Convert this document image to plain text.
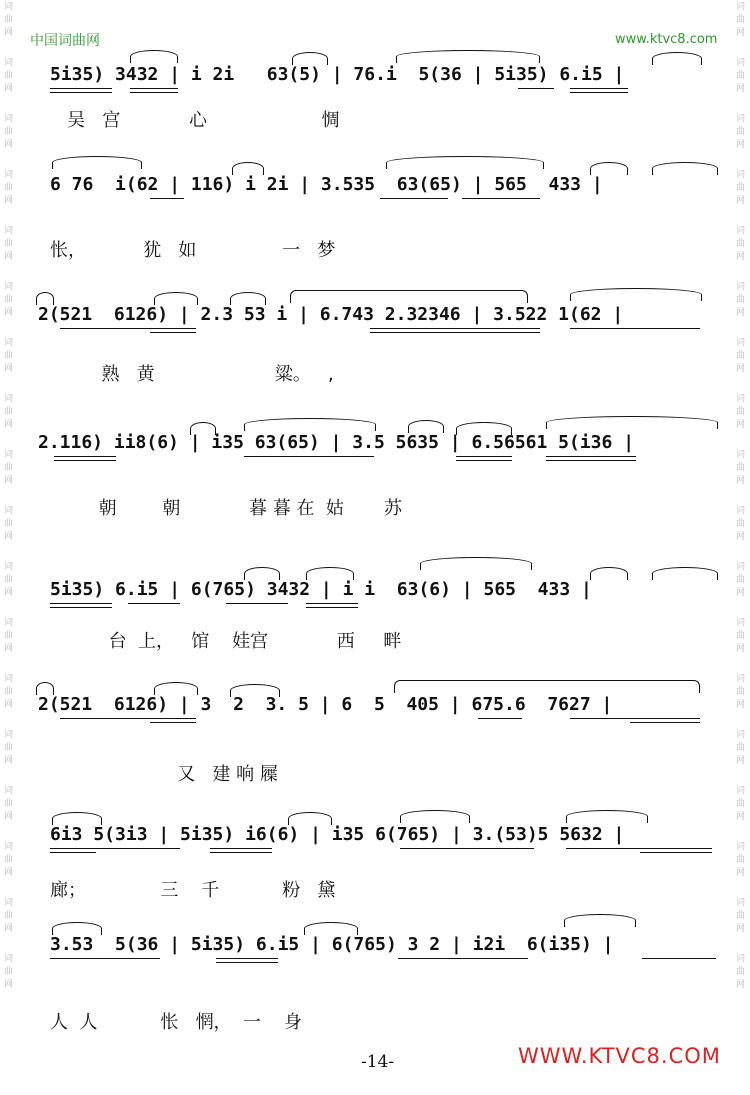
词
曲
网
词
曲
网
词
曲
网
词
曲
网
词
曲
网
词
曲
网
词
曲
网
词
曲
网
词
曲
网
词
曲
网
词
曲
网
词
曲
网
词
曲
网
词
曲
网
词
曲
网
词
曲
网
词
曲
网
词
曲
网
词
曲
网
词
曲
网
词
曲
网
词
曲
网
词
曲
网
词
曲
网
词
曲
网
词
曲
网
词
曲
网
词
曲
网
词
曲
网
词
曲
网
词
曲
网
词
曲
网
词
曲
网
词
曲
网
词
曲
网
词
曲
网
中国词曲网	www.ktvc8.com
5i35) 3432 | i 2i   63(5) | 76.i  5(36 | 5i35) 6.i5 |
吴   宫            心                    惆
6 76  i(62 | 116) i 2i | 3.535  63(65) | 565  433 |
怅，          犹   如               一   梦
2(521  6126) | 2.3 53 i | 6.743 2.32346 | 3.522 1(62 |
熟   黄                     粱。   ,
2.116) ii8(6) | i35 63(65) | 3.5 5635 | 6.56561 5(i36 |
朝        朝            暮 暮 在  姑       苏
5i35) 6.i5 | 6(765) 3432 | i i  63(6) | 565  433 |
台  上，   馆    娃宫            西     畔
2(521  6126) | 3  2  3. 5 | 6  5  405 | 675.6  7627 |
又   建 响 屧
6i3 5(3i3 | 5i35) i6(6) | i35 6(765) | 3.(53)5 5632 |
廊；             三    千           粉   黛
3.53  5(36 | 5i35) 6.i5 | 6(765) 3 2 | i2i  6(i35) |
人  人           怅   惘，  一    身
-14-	WWW.KTVC8.COM
